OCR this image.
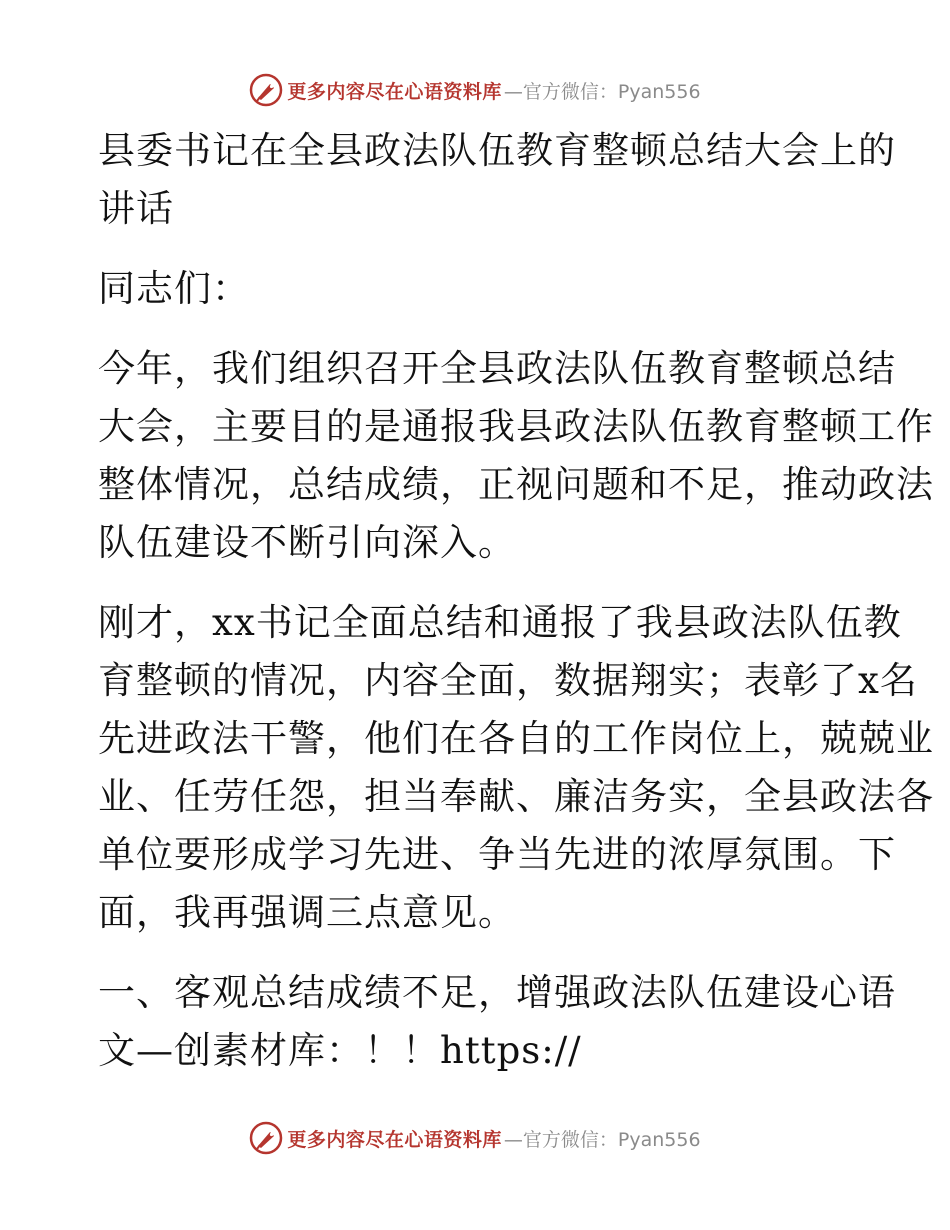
更多内容尽在心语资料库 —官方微信：Pyan556
县委书记在全县政法队伍教育整顿总结大会上的
讲话
同志们：
今年，我们组织召开全县政法队伍教育整顿总结
大会，主要目的是通报我县政法队伍教育整顿工作
整体情况，总结成绩，正视问题和不足，推动政法
队伍建设不断引向深入。
刚才，xx书记全面总结和通报了我县政法队伍教
育整顿的情况，内容全面，数据翔实；表彰了x名
先进政法干警，他们在各自的工作岗位上，兢兢业
业、任劳任怨，担当奉献、廉洁务实，全县政法各
单位要形成学习先进、争当先进的浓厚氛围。下
面，我再强调三点意见。
一、客观总结成绩不足，增强政法队伍建设心语
文—创素材库：！！https://
更多内容尽在心语资料库 —官方微信：Pyan556
